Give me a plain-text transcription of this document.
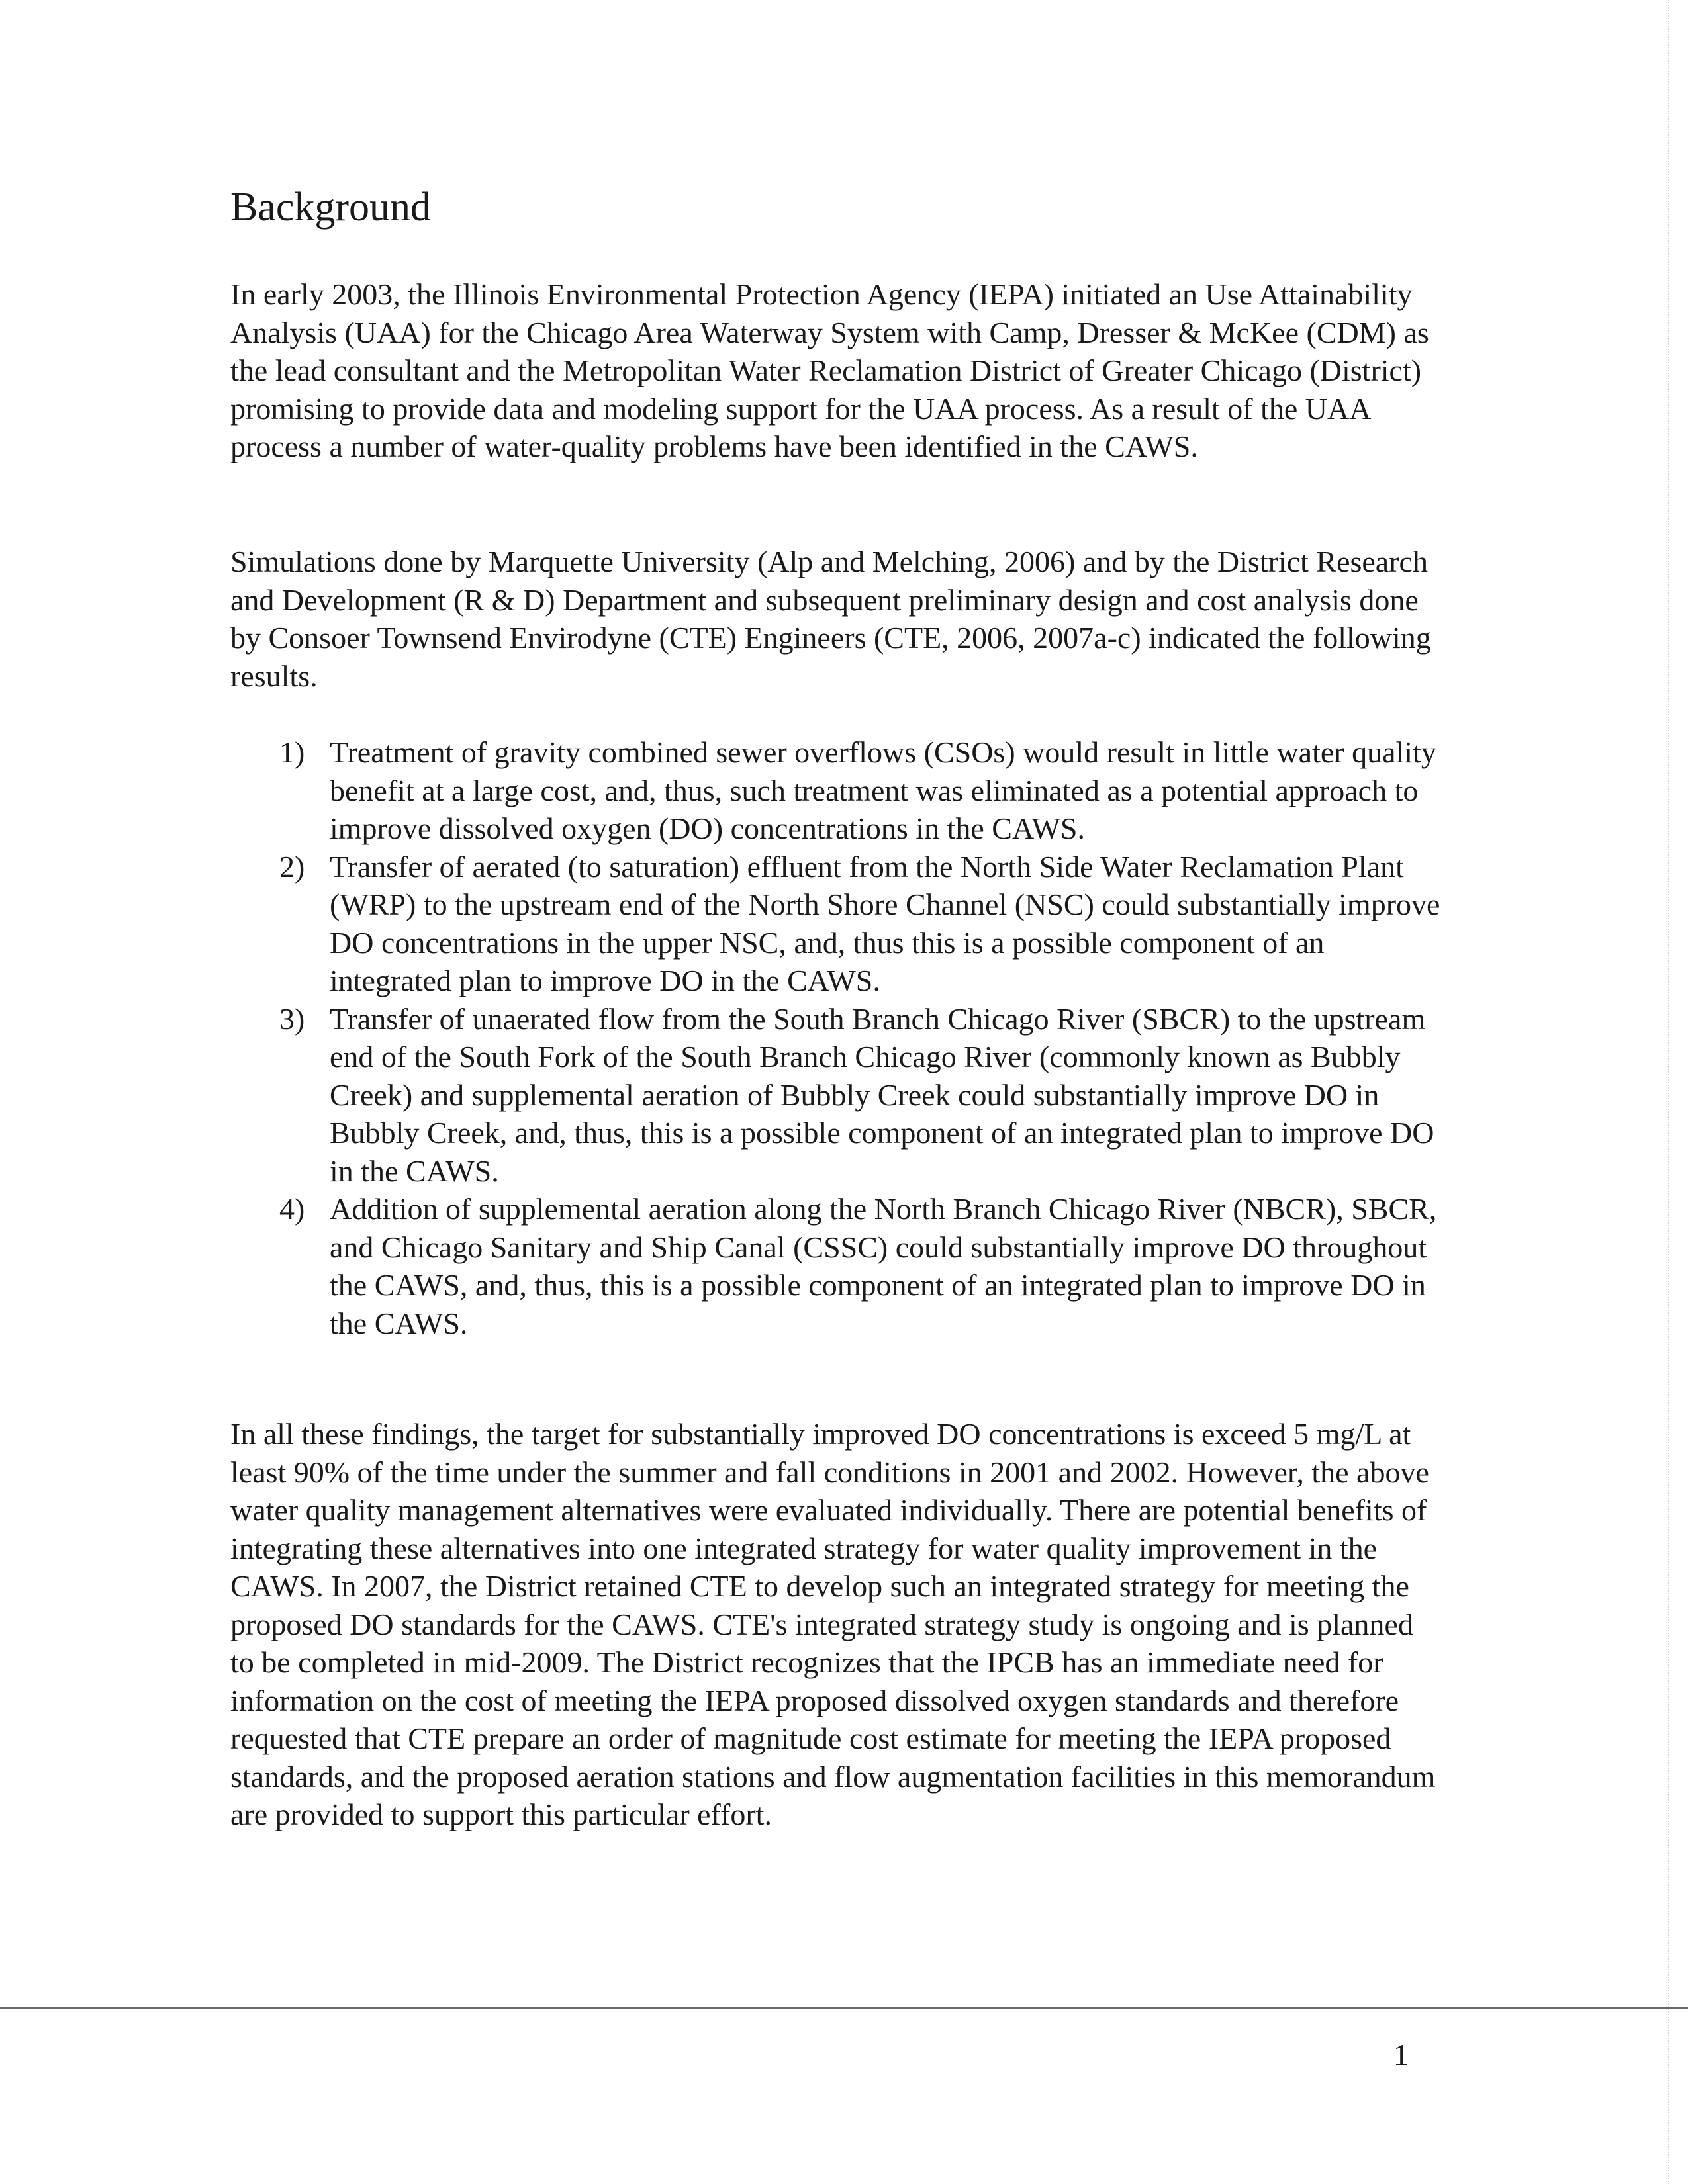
Background

In early 2003, the Illinois Environmental Protection Agency (IEPA) initiated an Use Attainability Analysis (UAA) for the Chicago Area Waterway System with Camp, Dresser & McKee (CDM) as the lead consultant and the Metropolitan Water Reclamation District of Greater Chicago (District) promising to provide data and modeling support for the UAA process. As a result of the UAA process a number of water-quality problems have been identified in the CAWS.

Simulations done by Marquette University (Alp and Melching, 2006) and by the District Research and Development (R & D) Department and subsequent preliminary design and cost analysis done by Consoer Townsend Envirodyne (CTE) Engineers (CTE, 2006, 2007a-c) indicated the following results.

1) Treatment of gravity combined sewer overflows (CSOs) would result in little water quality benefit at a large cost, and, thus, such treatment was eliminated as a potential approach to improve dissolved oxygen (DO) concentrations in the CAWS.
2) Transfer of aerated (to saturation) effluent from the North Side Water Reclamation Plant (WRP) to the upstream end of the North Shore Channel (NSC) could substantially improve DO concentrations in the upper NSC, and, thus this is a possible component of an integrated plan to improve DO in the CAWS.
3) Transfer of unaerated flow from the South Branch Chicago River (SBCR) to the upstream end of the South Fork of the South Branch Chicago River (commonly known as Bubbly Creek) and supplemental aeration of Bubbly Creek could substantially improve DO in Bubbly Creek, and, thus, this is a possible component of an integrated plan to improve DO in the CAWS.
4) Addition of supplemental aeration along the North Branch Chicago River (NBCR), SBCR, and Chicago Sanitary and Ship Canal (CSSC) could substantially improve DO throughout the CAWS, and, thus, this is a possible component of an integrated plan to improve DO in the CAWS.

In all these findings, the target for substantially improved DO concentrations is exceed 5 mg/L at least 90% of the time under the summer and fall conditions in 2001 and 2002. However, the above water quality management alternatives were evaluated individually. There are potential benefits of integrating these alternatives into one integrated strategy for water quality improvement in the CAWS. In 2007, the District retained CTE to develop such an integrated strategy for meeting the proposed DO standards for the CAWS. CTE's integrated strategy study is ongoing and is planned to be completed in mid-2009. The District recognizes that the IPCB has an immediate need for information on the cost of meeting the IEPA proposed dissolved oxygen standards and therefore requested that CTE prepare an order of magnitude cost estimate for meeting the IEPA proposed standards, and the proposed aeration stations and flow augmentation facilities in this memorandum are provided to support this particular effort.

1
